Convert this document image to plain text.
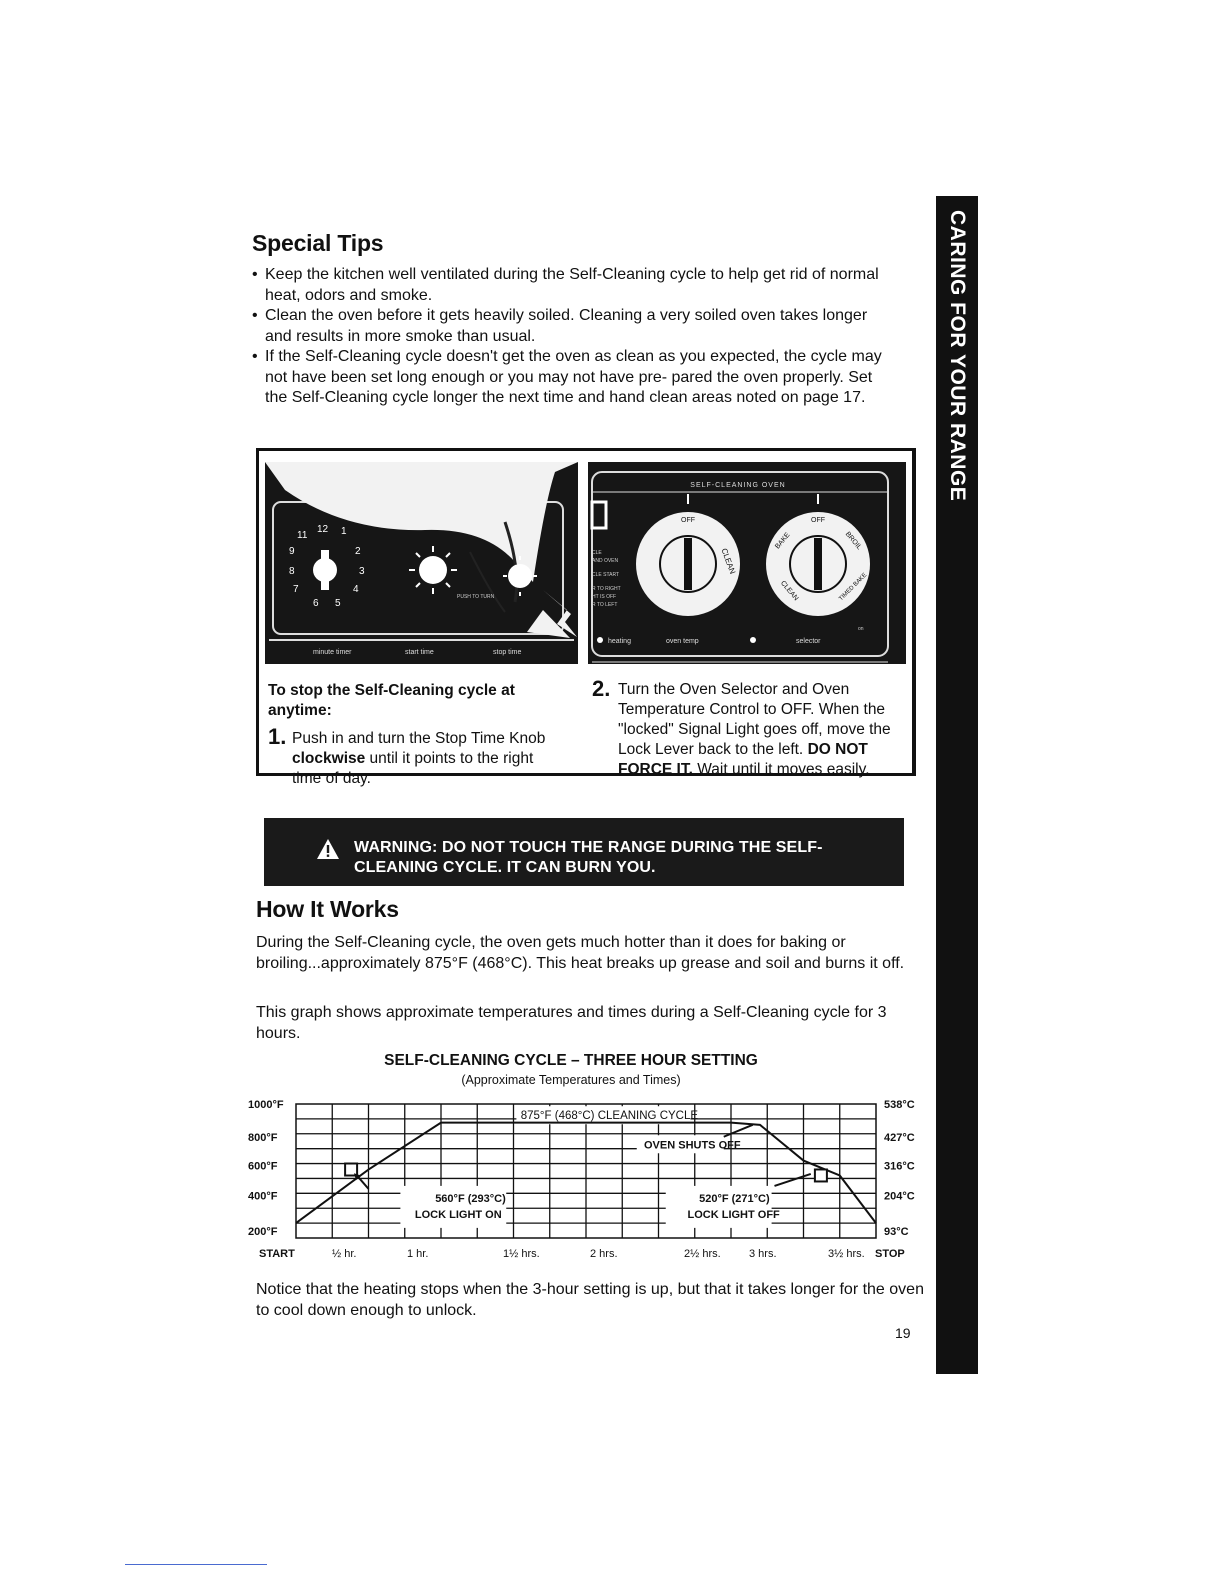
CARING FOR YOUR RANGE
Special Tips
• Keep the kitchen well ventilated during the Self-Cleaning cycle to help get rid of normal heat, odors and smoke.
• Clean the oven before it gets heavily soiled. Cleaning a very soiled oven takes longer and results in more smoke than usual.
• If the Self-Cleaning cycle doesn't get the oven as clean as you expected, the cycle may not have been set long enough or you may not have pre- pared the oven properly. Set the Self-Cleaning cycle longer the next time and hand clean areas noted on page 17.
11
12 1
2
3
4
5
6
7
8
9
PUSH TO TURN
minute timer	start time	stop time
SELF-CLEANING OVEN
CLE
AND OVEN
CLE START
R TO RIGHT
HT IS OFF
R TO LEFT
OFF
CLEAN
OFF
BAKE	BROIL
CLEAN	TIMED BAKE
on
heating	oven temp	selector
To stop the Self-Cleaning cycle at anytime:
1. Push in and turn the Stop Time Knob clockwise until it points to the right time of day.
2. Turn the Oven Selector and Oven Temperature Control to OFF. When the "locked" Signal Light goes off, move the Lock Lever back to the left. DO NOT FORCE IT. Wait until it moves easily.
WARNING: DO NOT TOUCH THE RANGE DURING THE SELF-CLEANING CYCLE. IT CAN BURN YOU.
How It Works

During the Self-Cleaning cycle, the oven gets much hotter than it does for baking or broiling...approximately 875°F (468°C). This heat breaks up grease and soil and burns it off.

This graph shows approximate temperatures and times during a Self-Cleaning cycle for 3 hours.

SELF-CLEANING CYCLE – THREE HOUR SETTING
(Approximate Temperatures and Times)
875°F (468°C) CLEANING CYCLE
OVEN SHUTS OFF
560°F (293°C)
LOCK LIGHT ON
520°F (271°C)
LOCK LIGHT OFF
1000°F
800°F
600°F
400°F
200°F
538°C
427°C
316°C
204°C
93°C
START	½ hr.	1 hr.	1½ hrs.	2 hrs.	2½ hrs.	3 hrs.	3½ hrs. STOP

Notice that the heating stops when the 3-hour setting is up, but that it takes longer for the oven to cool down enough to unlock.

19
